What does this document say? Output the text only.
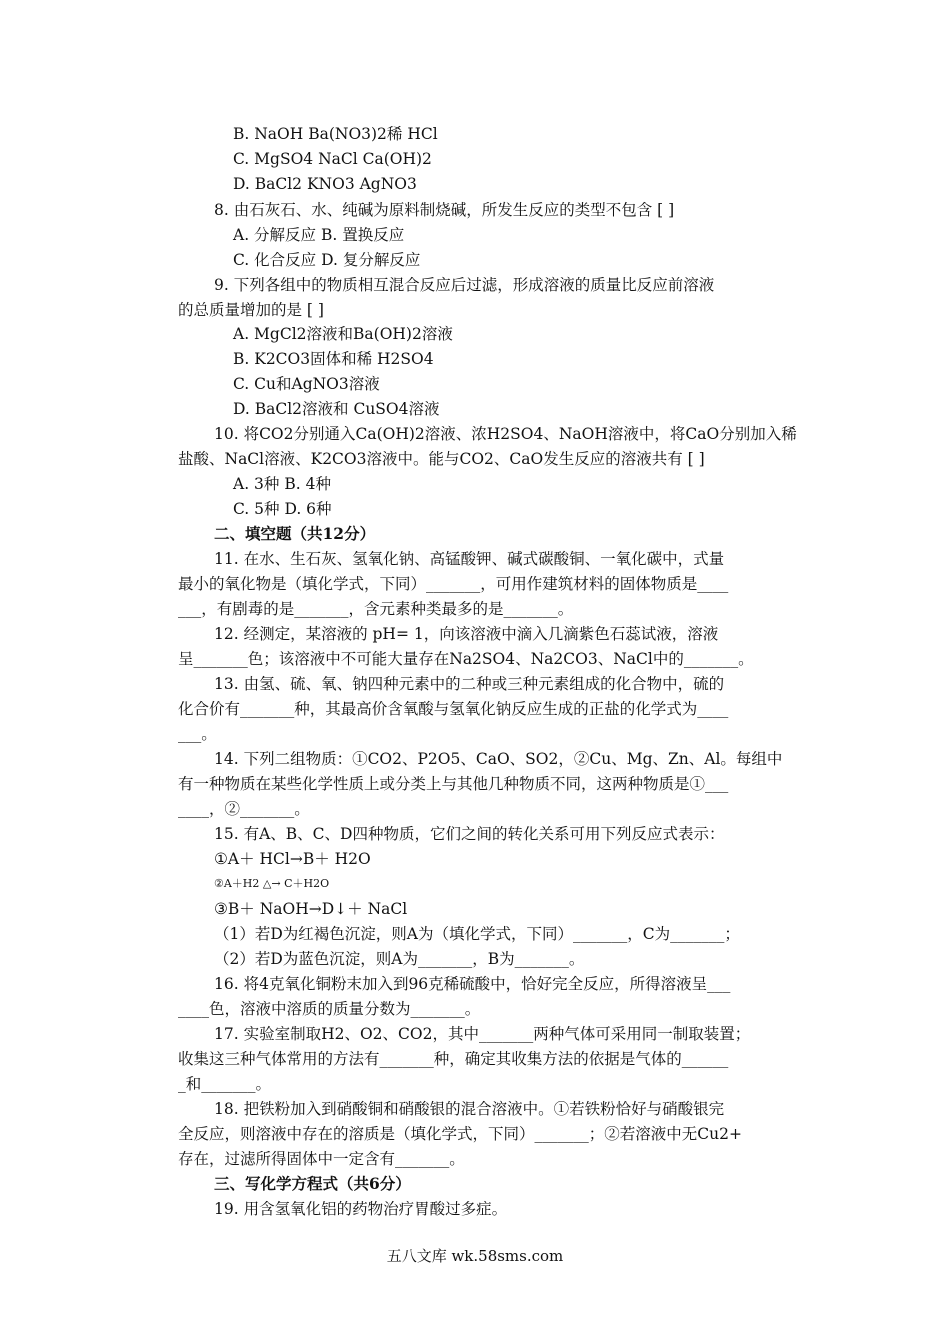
B. NaOH Ba(NO3)2稀 HCl
C. MgSO4 NaCl Ca(OH)2
D. BaCl2 KNO3 AgNO3
8. 由石灰石、水、纯碱为原料制烧碱，所发生反应的类型不包含 [ ]
A. 分解反应 B. 置换反应
C. 化合反应 D. 复分解反应
9. 下列各组中的物质相互混合反应后过滤，形成溶液的质量比反应前溶液
的总质量增加的是 [ ]
A. MgCl2溶液和Ba(OH)2溶液
B. K2CO3固体和稀 H2SO4
C. Cu和AgNO3溶液
D. BaCl2溶液和 CuSO4溶液
10. 将CO2分别通入Ca(OH)2溶液、浓H2SO4、NaOH溶液中，将CaO分别加入稀
盐酸、NaCl溶液、K2CO3溶液中。能与CO2、CaO发生反应的溶液共有 [ ]
A. 3种 B. 4种
C. 5种 D. 6种
二、填空题（共12分）
11. 在水、生石灰、氢氧化钠、高锰酸钾、碱式碳酸铜、一氧化碳中，式量
最小的氧化物是（填化学式，下同）_______，可用作建筑材料的固体物质是____
___，有剧毒的是_______，含元素种类最多的是_______。
12. 经测定，某溶液的 pH= 1，向该溶液中滴入几滴紫色石蕊试液，溶液
呈_______色；该溶液中不可能大量存在Na2SO4、Na2CO3、NaCl中的_______。
13. 由氢、硫、氧、钠四种元素中的二种或三种元素组成的化合物中，硫的
化合价有_______种，其最高价含氧酸与氢氧化钠反应生成的正盐的化学式为____
___。
14. 下列二组物质：①CO2、P2O5、CaO、SO2，②Cu、Mg、Zn、Al。每组中
有一种物质在某些化学性质上或分类上与其他几种物质不同，这两种物质是①___
____，②_______。
15. 有A、B、C、D四种物质，它们之间的转化关系可用下列反应式表示：
①A＋ HCl→B＋ H2O
②A＋H2 △→ C＋H2O
③B＋ NaOH→D↓＋ NaCl
（1）若D为红褐色沉淀，则A为（填化学式，下同）_______，C为_______；
（2）若D为蓝色沉淀，则A为_______，B为_______。
16. 将4克氧化铜粉末加入到96克稀硫酸中，恰好完全反应，所得溶液呈___
____色，溶液中溶质的质量分数为_______。
17. 实验室制取H2、O2、CO2，其中_______两种气体可采用同一制取装置；
收集这三种气体常用的方法有_______种，确定其收集方法的依据是气体的______
_和_______。
18. 把铁粉加入到硝酸铜和硝酸银的混合溶液中。①若铁粉恰好与硝酸银完
全反应，则溶液中存在的溶质是（填化学式，下同）_______；②若溶液中无Cu2+
存在，过滤所得固体中一定含有_______。
三、写化学方程式（共6分）
19. 用含氢氧化铝的药物治疗胃酸过多症。
五八文库 wk.58sms.com
